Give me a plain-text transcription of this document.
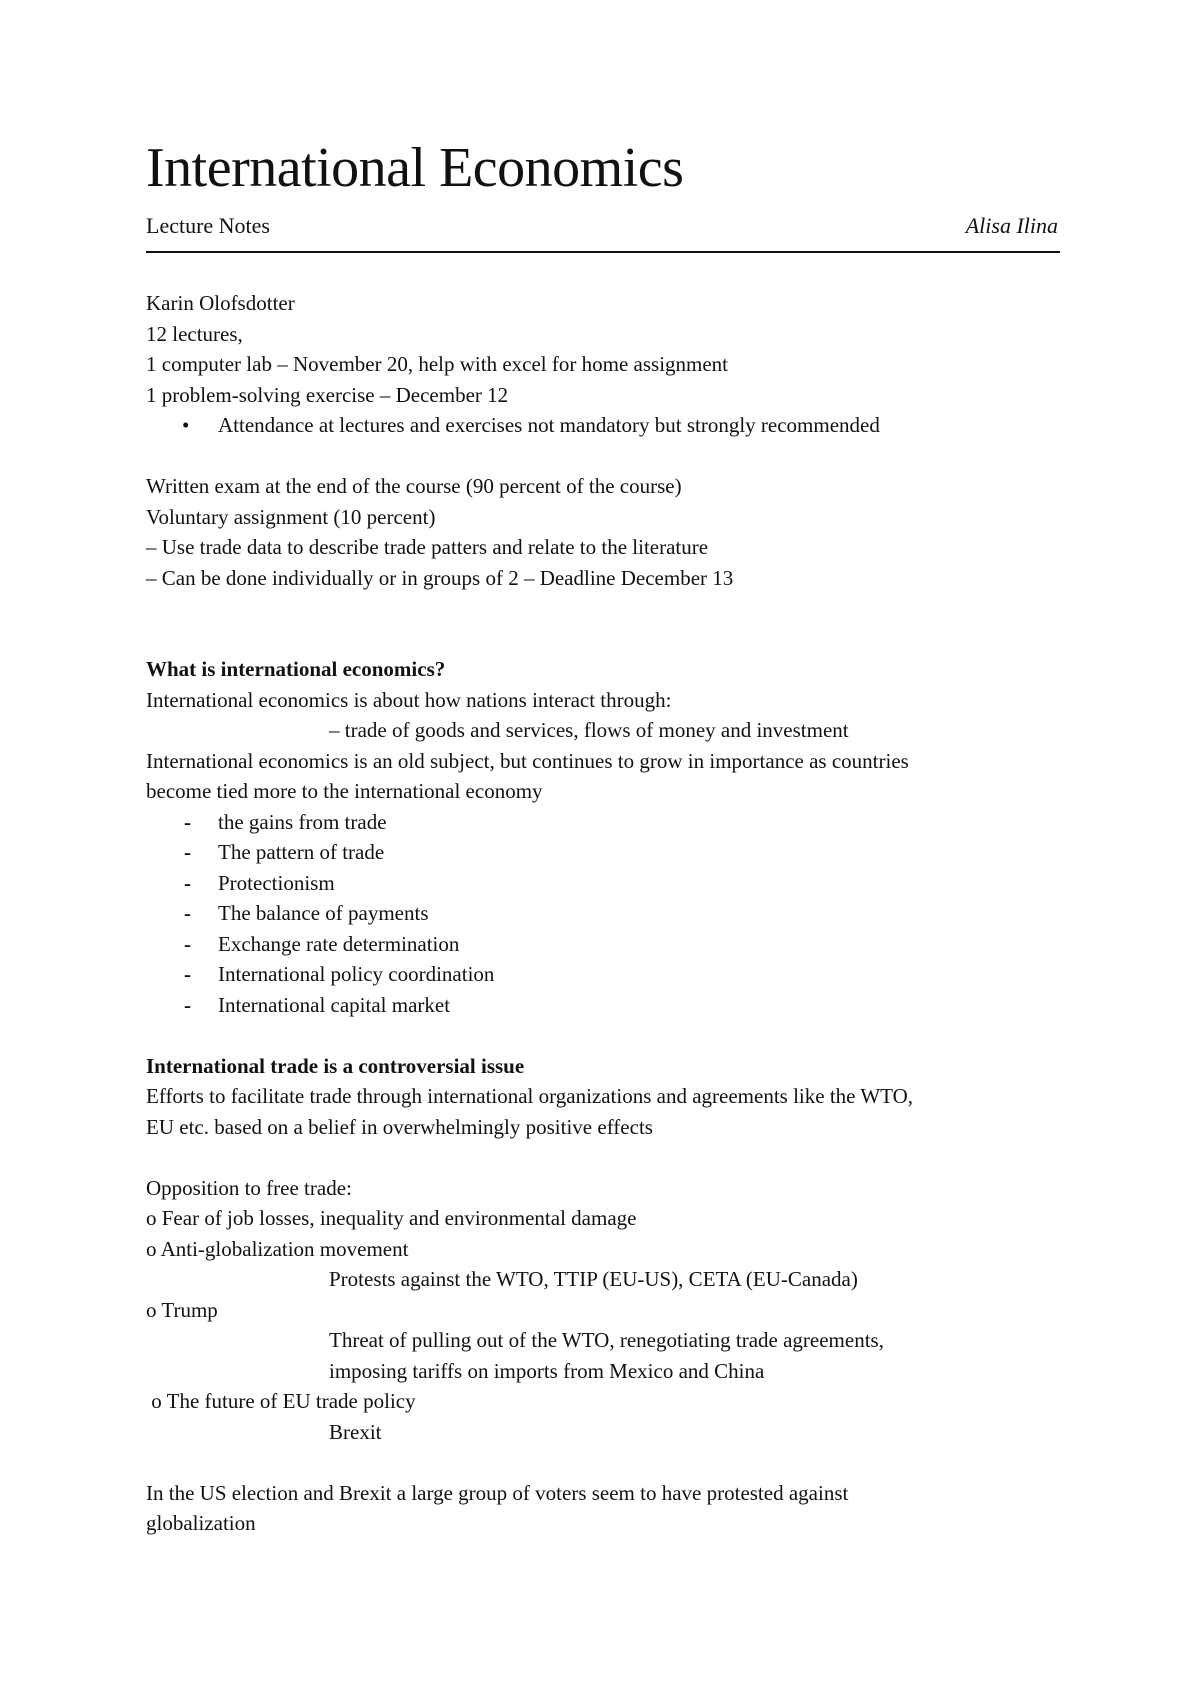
International Economics
Lecture Notes	Alisa Ilina
Karin Olofsdotter
12 lectures,
1 computer lab – November 20, help with excel for home assignment
1 problem-solving exercise – December 12
• Attendance at lectures and exercises not mandatory but strongly recommended
Written exam at the end of the course (90 percent of the course)
Voluntary assignment (10 percent)
– Use trade data to describe trade patters and relate to the literature
– Can be done individually or in groups of 2 – Deadline December 13
What is international economics?
International economics is about how nations interact through:
– trade of goods and services, flows of money and investment
International economics is an old subject, but continues to grow in importance as countries
become tied more to the international economy
- the gains from trade
- The pattern of trade
- Protectionism
- The balance of payments
- Exchange rate determination
- International policy coordination
- International capital market
International trade is a controversial issue
Efforts to facilitate trade through international organizations and agreements like the WTO,
EU etc. based on a belief in overwhelmingly positive effects
Opposition to free trade:
o Fear of job losses, inequality and environmental damage
o Anti-globalization movement
Protests against the WTO, TTIP (EU-US), CETA (EU-Canada)
o Trump
Threat of pulling out of the WTO, renegotiating trade agreements,
imposing tariffs on imports from Mexico and China
o The future of EU trade policy
Brexit
In the US election and Brexit a large group of voters seem to have protested against
globalization
